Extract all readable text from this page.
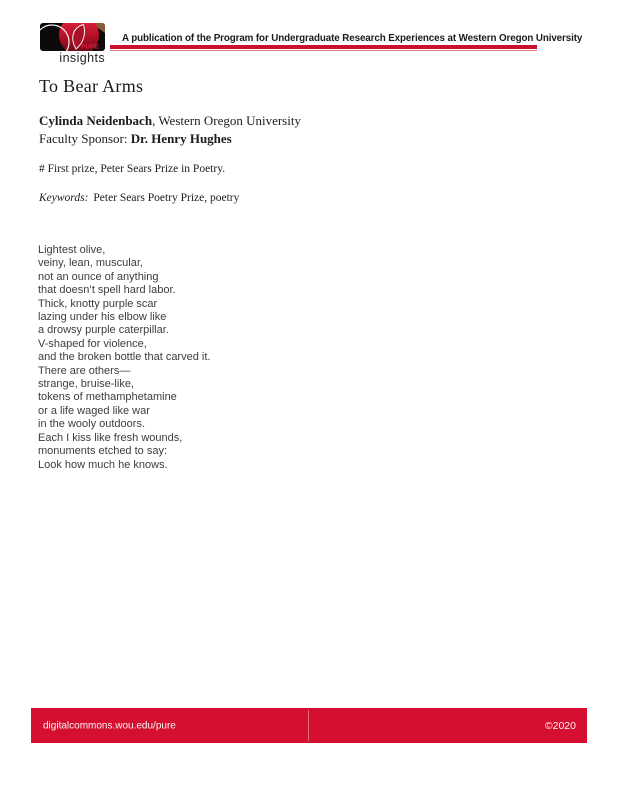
PURE
insights
A publication of the Program for Undergraduate Research Experiences at Western Oregon University
To Bear Arms
Cylinda Neidenbach, Western Oregon University
Faculty Sponsor: Dr. Henry Hughes
# First prize, Peter Sears Prize in Poetry.
Keywords: Peter Sears Poetry Prize, poetry
Lightest olive,
veiny, lean, muscular,
not an ounce of anything
that doesn’t spell hard labor.
Thick, knotty purple scar
lazing under his elbow like
a drowsy purple caterpillar.
V-shaped for violence,
and the broken bottle that carved it.
There are others—
strange, bruise-like,
tokens of methamphetamine
or a life waged like war
in the wooly outdoors.
Each I kiss like fresh wounds,
monuments etched to say:
Look how much he knows.
digitalcommons.wou.edu/pure	©2020
